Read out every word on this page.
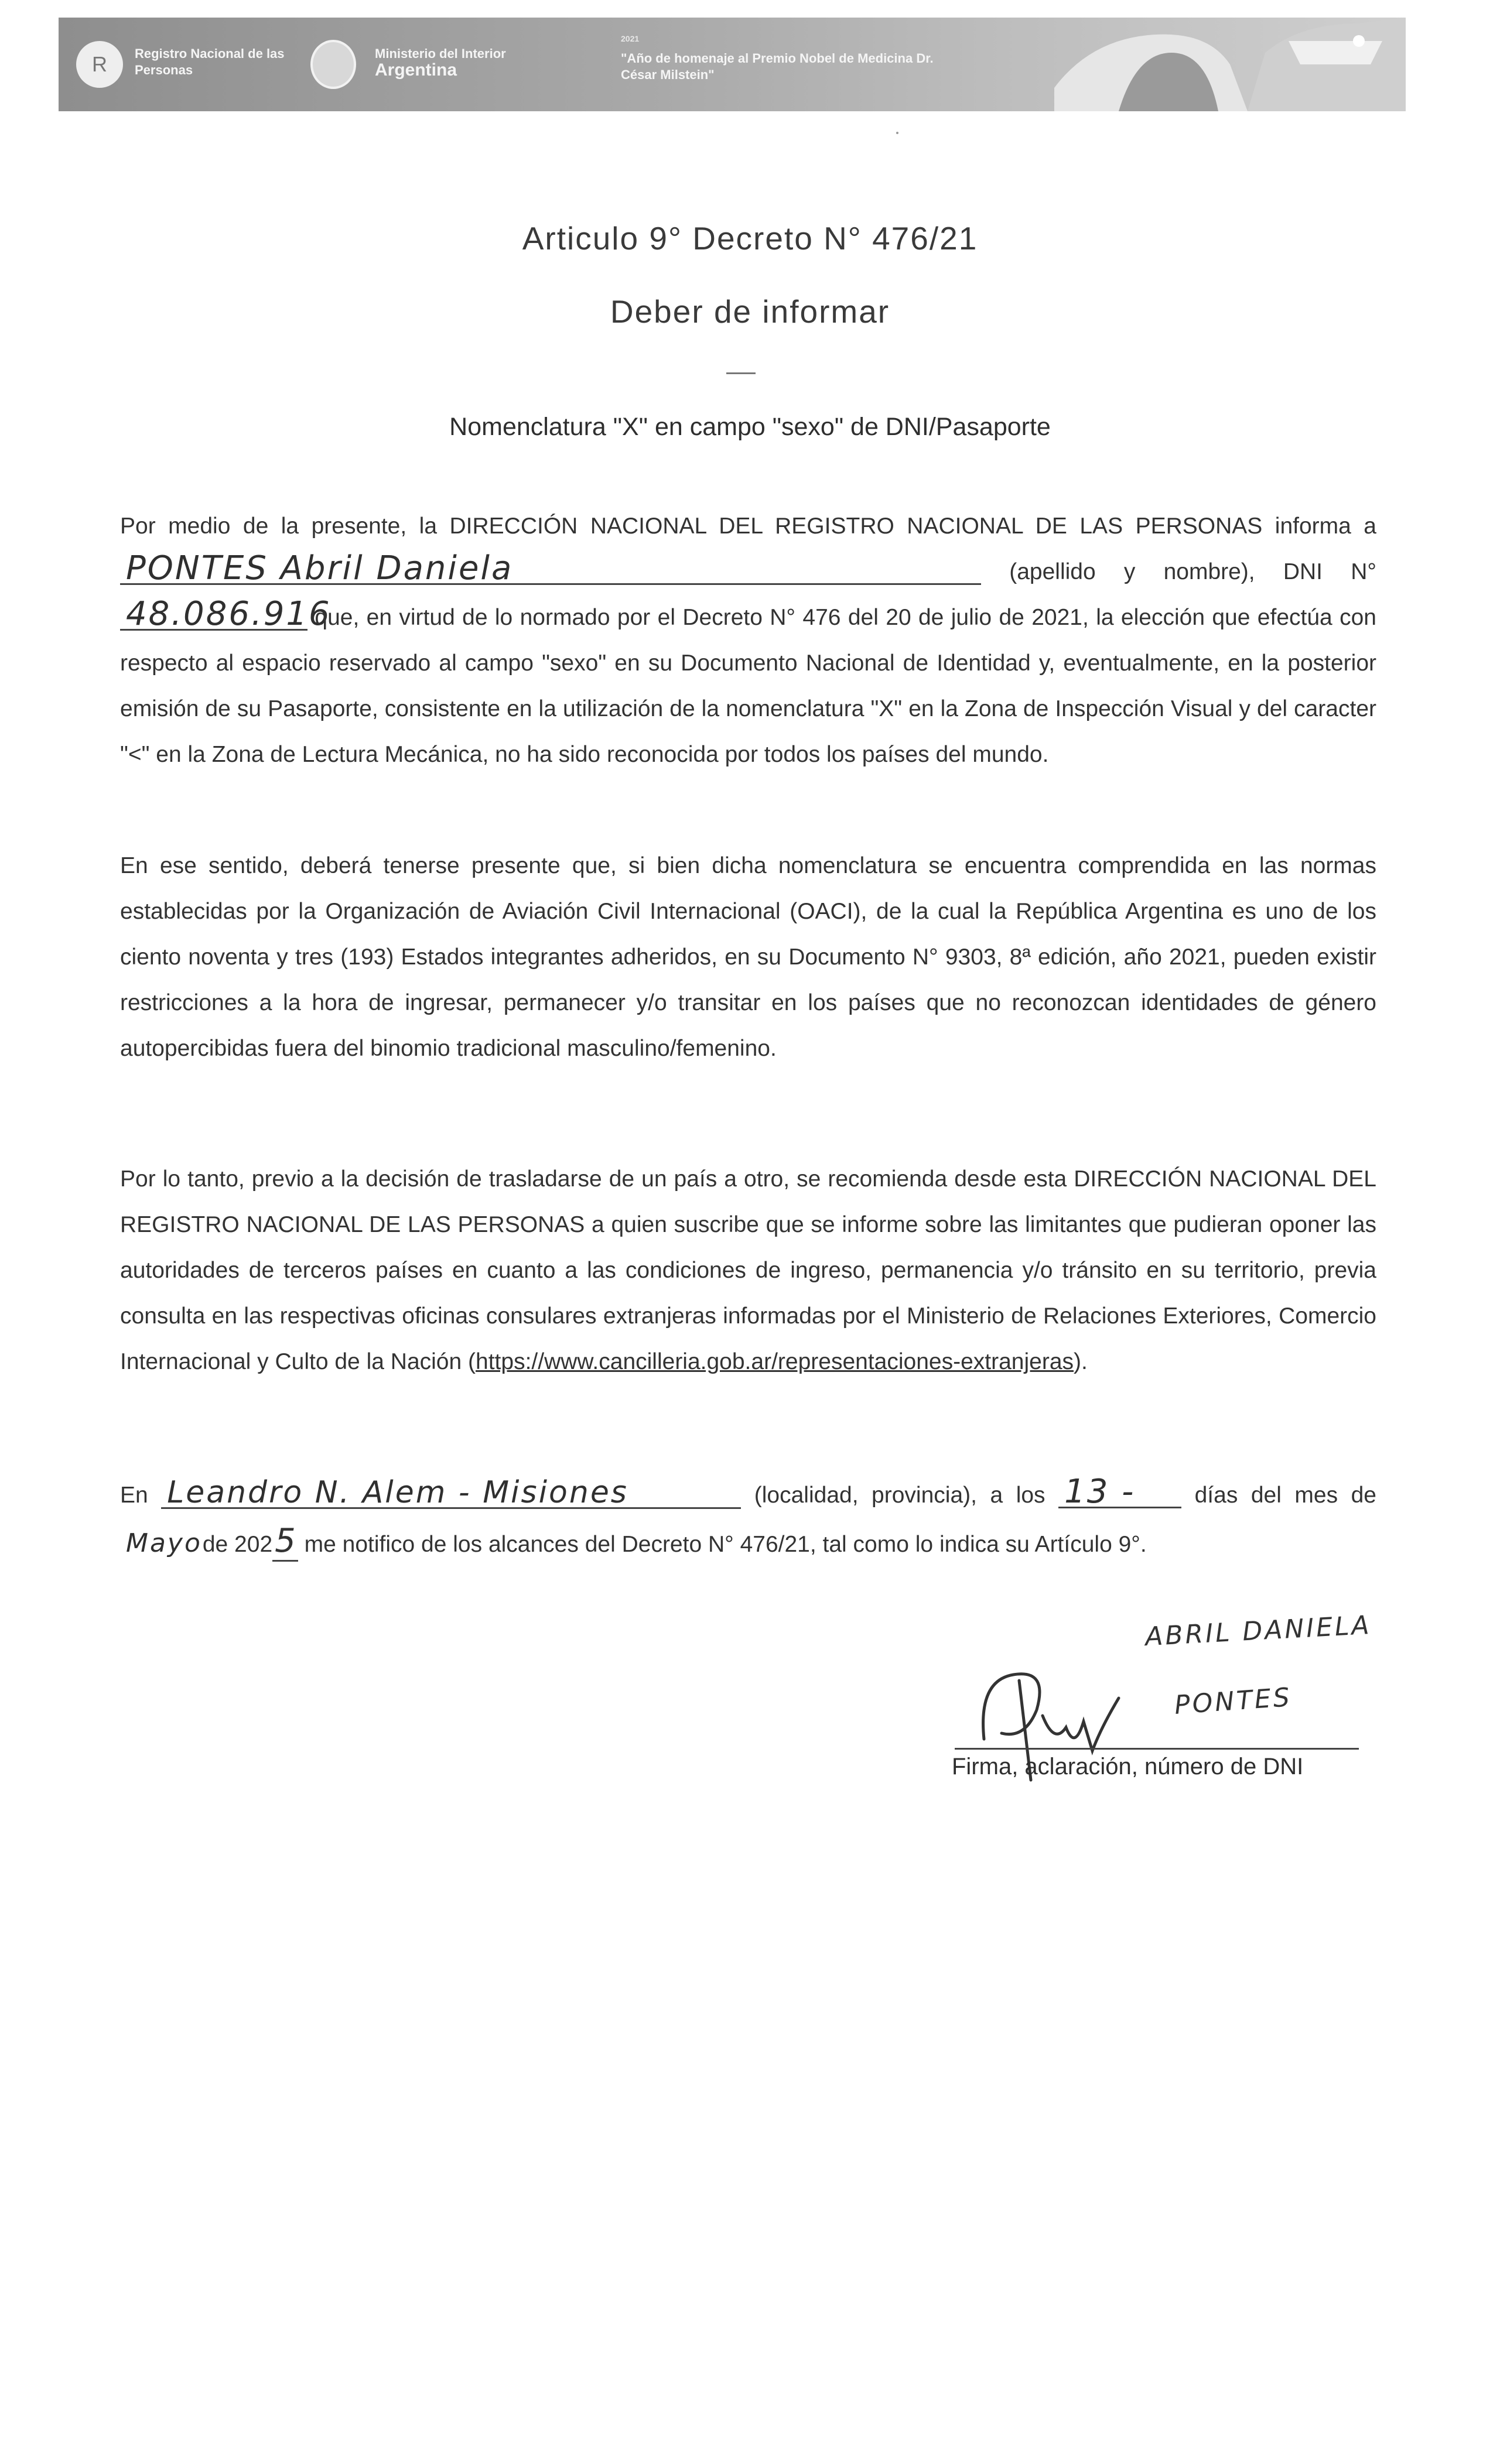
R	Registro Nacional de las Personas
Ministerio del Interior
Argentina
2021
"Año de homenaje al Premio Nobel de Medicina Dr. César Milstein"
Articulo 9° Decreto N° 476/21
Deber de informar
Nomenclatura "X" en campo "sexo" de DNI/Pasaporte

Por medio de la presente, la DIRECCIÓN NACIONAL DEL REGISTRO NACIONAL DE LAS PERSONAS informa a PONTES Abril Daniela	(apellido y nombre), DNI N° 48.086.916 que, en virtud de lo normado por el Decreto N° 476 del 20 de julio de 2021, la elección que efectúa con respecto al espacio reservado al campo "sexo" en su Documento Nacional de Identidad y, eventualmente, en la posterior emisión de su Pasaporte, consistente en la utilización de la nomenclatura "X" en la Zona de Inspección Visual y del caracter "<" en la Zona de Lectura Mecánica, no ha sido reconocida por todos los países del mundo.

En ese sentido, deberá tenerse presente que, si bien dicha nomenclatura se encuentra comprendida en las normas establecidas por la Organización de Aviación Civil Internacional (OACI), de la cual la República Argentina es uno de los ciento noventa y tres (193) Estados integrantes adheridos, en su Documento N° 9303, 8ª edición, año 2021, pueden existir restricciones a la hora de ingresar, permanecer y/o transitar en los países que no reconozcan identidades de género autopercibidas fuera del binomio tradicional masculino/femenino.

Por lo tanto, previo a la decisión de trasladarse de un país a otro, se recomienda desde esta DIRECCIÓN NACIONAL DEL REGISTRO NACIONAL DE LAS PERSONAS a quien suscribe que se informe sobre las limitantes que pudieran oponer las autoridades de terceros países en cuanto a las condiciones de ingreso, permanencia y/o tránsito en su territorio, previa consulta en las respectivas oficinas consulares extranjeras informadas por el Ministerio de Relaciones Exteriores, Comercio Internacional y Culto de la Nación (https://www.cancilleria.gob.ar/representaciones-extranjeras).

En Leandro N. Alem - Misiones	(localidad, provincia), a los 13 -	días del mes de Mayo de 2025 me notifico de los alcances del Decreto N° 476/21, tal como lo indica su Artículo 9°.

ABRIL DANIELA
PONTES
Firma, aclaración, número de DNI
